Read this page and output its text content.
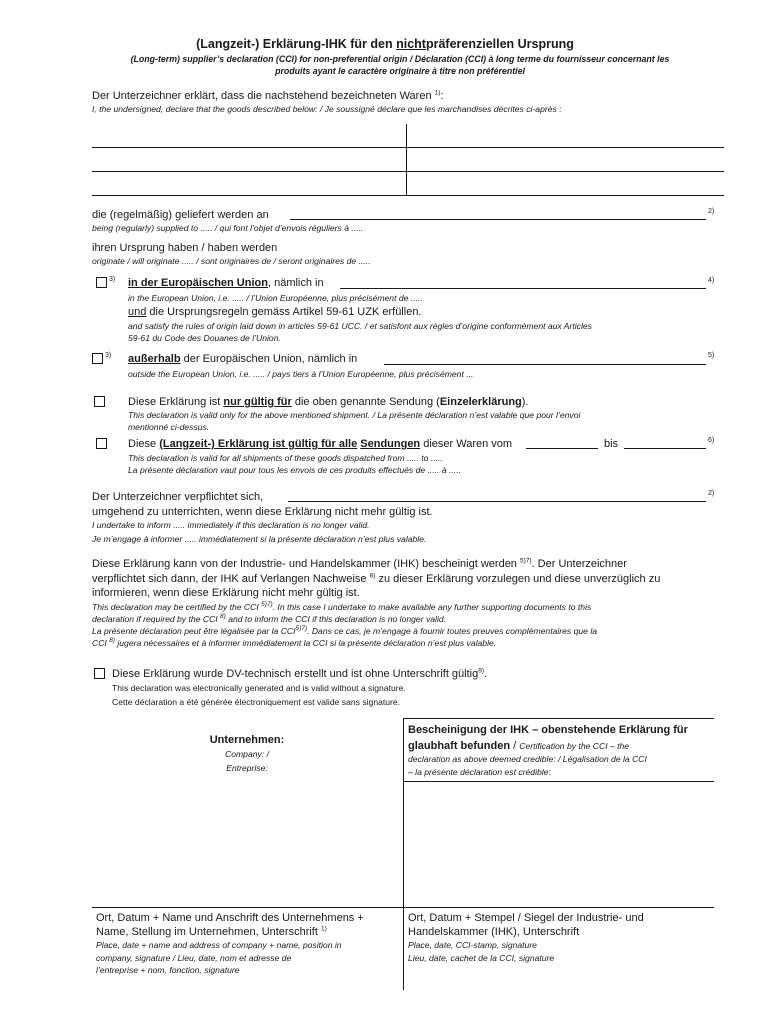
(Langzeit-) Erklärung-IHK für den nichtpräferenziellen Ursprung
(Long-term) supplier’s declaration (CCI) for non-preferential origin / Déclaration (CCI) à long terme du fournisseur concernant les
produits ayant le caractère originaire à titre non préférentiel
Der Unterzeichner erklärt, dass die nachstehend bezeichneten Waren $^{1)}$:
I, the undersigned, declare that the goods described below: / Je soussigné déclare que les marchandises décrites ci-après :
die (regelmäßig) geliefert werden an	2)
being (regularly) supplied to ..... / qui font l’objet d’envois réguliers à .....
ihren Ursprung haben / haben werden
originate / will originate ..... / sont originaires de / seront originaires de .....
3) in der Europäischen Union, nämlich in	4)
in the European Union, i.e. ..... / l’Union Européenne, plus précisément de .....
und die Ursprungsregeln gemäss Artikel 59-61 UZK erfüllen.
and satisfy the rules of origin laid down in articles 59-61 UCC. / et satisfont aux règles d’origine conformément aux Articles
59-61 du Code des Douanes de l’Union.
3) außerhalb der Europäischen Union, nämlich in	5)
outside the European Union, i.e. ..... / pays tiers à l’Union Européenne, plus précisément ...
Diese Erklärung ist nur gültig für die oben genannte Sendung (Einzelerklärung).
This declaration is valid only for the above mentioned shipment. / La présente déclaration n’est valable que pour l’envoi
mentionné ci-dessus.
Diese (Langzeit-) Erklärung ist gültig für alle Sendungen dieser Waren vom	bis	6)
This declaration is valid for all shipments of these goods dispatched from ..... to .....
La présente déclaration vaut pour tous les envois de ces produits effectués de ..... à .....
Der Unterzeichner verpflichtet sich,	2)
umgehend zu unterrichten, wenn diese Erklärung nicht mehr gültig ist.
I undertake to inform ..... immediately if this declaration is no longer valid.
Je m’engage à informer ..... immédiatement si la présente déclaration n’est plus valable.
Diese Erklärung kann von der Industrie- und Handelskammer (IHK) bescheinigt werden $^{5)7)}$. Der Unterzeichner
verpflichtet sich dann, der IHK auf Verlangen Nachweise $^{8)}$ zu dieser Erklärung vorzulegen und diese unverzüglich zu
informieren, wenn diese Erklärung nicht mehr gültig ist.
This declaration may be certified by the CCI $^{5)7)}$. In this case I undertake to make available any further supporting documents to this
declaration if required by the CCI $^{8)}$ and to inform the CCI if this declaration is no longer valid.
La présente déclaration peut être légalisée par la $CCI^{5)7)}$. Dans ce cas, je m’engage à fournir toutes preuves complémentaires que la
CCI $^{8)}$ jugera nécessaires et à informer immédiatement la CCI si la présente déclaration n’est plus valable.
Diese Erklärung wurde DV-technisch erstellt und ist ohne Unterschrift gültig$^{9)}$.
This declaration was electronically generated and is valid without a signature.
Cette déclaration a été générée électroniquement est valide sans signature.
Unternehmen:
Company: /
Entreprise:
Bescheinigung der IHK – obenstehende Erklärung für
glaubhaft befunden / Certification by the CCI – the
declaration as above deemed credible: / Légalisation de la CCI
– la présente déclaration est crédible:
Ort, Datum + Name und Anschrift des Unternehmens +
Name, Stellung im Unternehmen, Unterschrift $^{1)}$
Place, date + name and address of company + name, position in
company, signature / Lieu, date, nom et adresse de
l’entreprise + nom, fonction, signature
Ort, Datum + Stempel / Siegel der Industrie- und
Handelskammer (IHK), Unterschrift
Place, date, CCI-stamp, signature
Lieu, date, cachet de la CCI, signature
